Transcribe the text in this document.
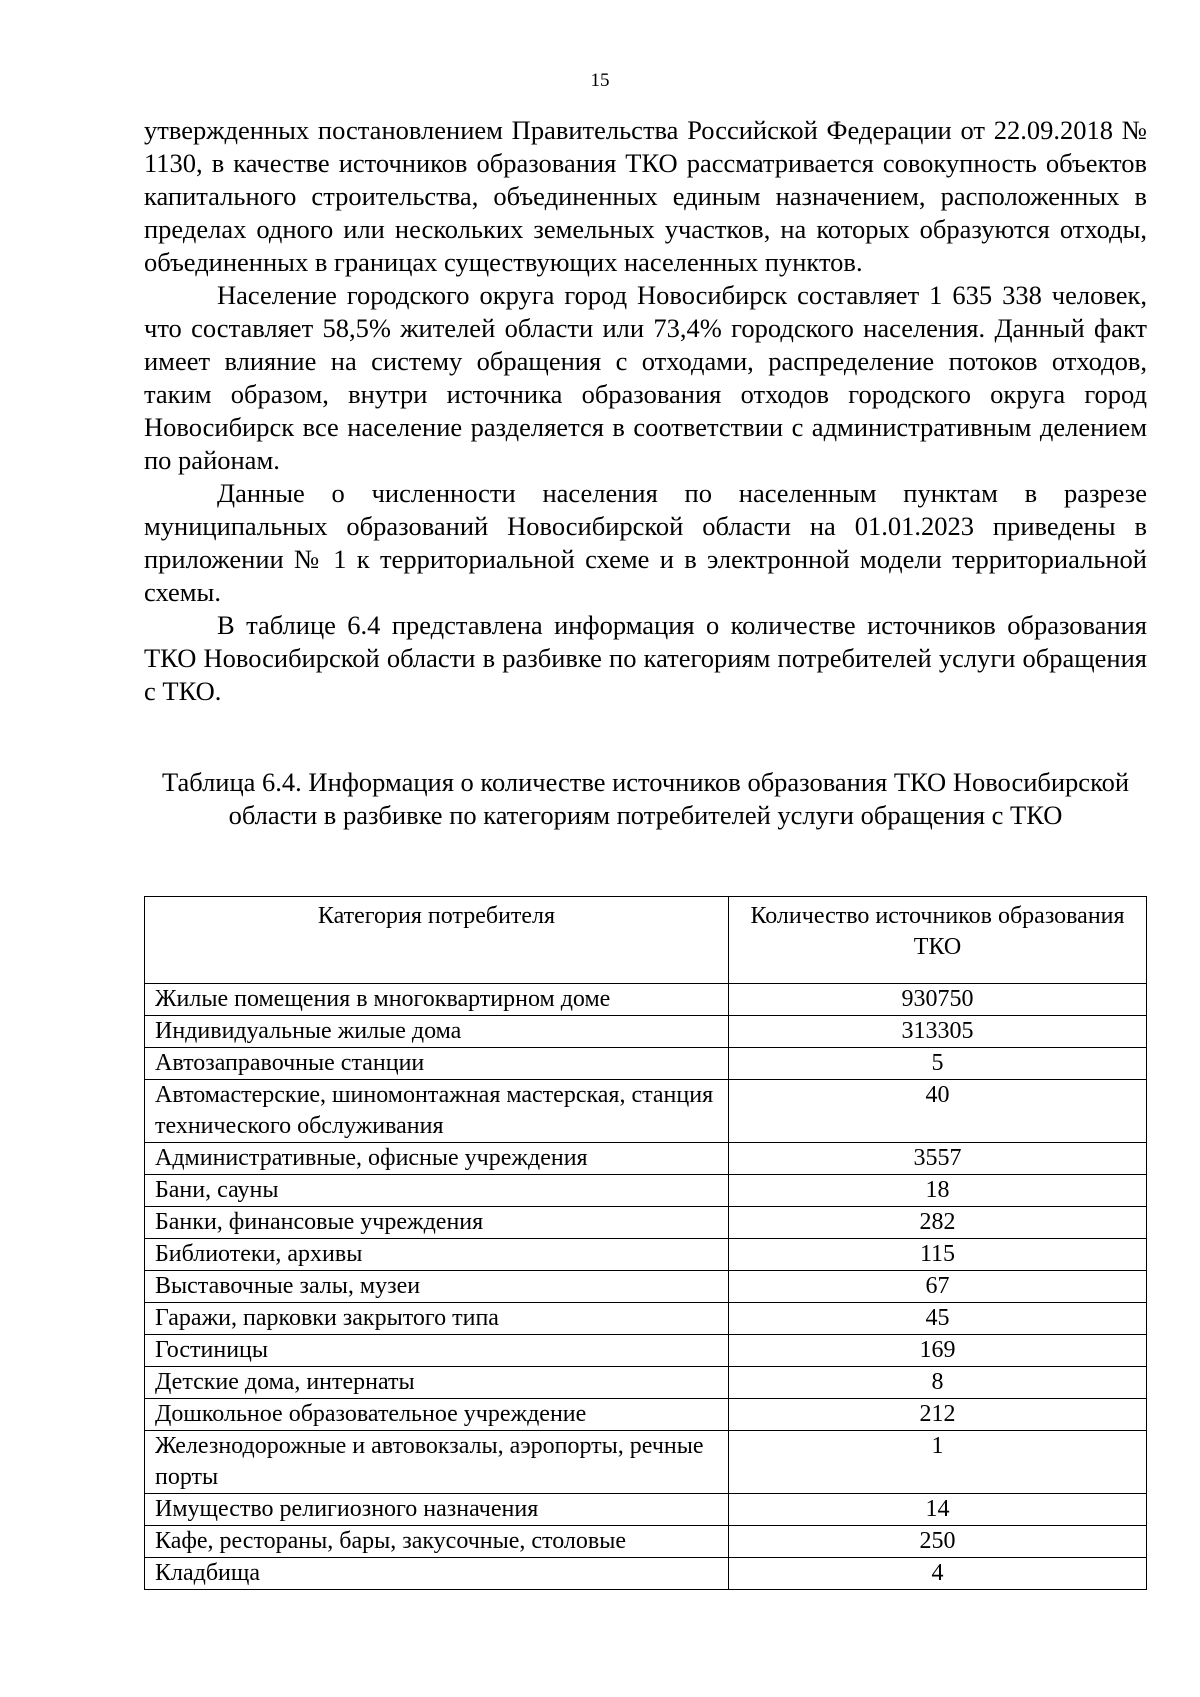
15

утвержденных постановлением Правительства Российской Федерации от 22.09.2018 № 1130, в качестве источников образования ТКО рассматривается совокупность объектов капитального строительства, объединенных единым назначением, расположенных в пределах одного или нескольких земельных участков, на которых образуются отходы, объединенных в границах существующих населенных пунктов.

Население городского округа город Новосибирск составляет 1 635 338 человек, что составляет 58,5% жителей области или 73,4% городского населения. Данный факт имеет влияние на систему обращения с отходами, распределение потоков отходов, таким образом, внутри источника образования отходов городского округа город Новосибирск все население разделяется в соответствии с административным делением по районам.

Данные о численности населения по населенным пунктам в разрезе муниципальных образований Новосибирской области на 01.01.2023 приведены в приложении № 1 к территориальной схеме и в электронной модели территориальной схемы.

В таблице 6.4 представлена информация о количестве источников образования ТКО Новосибирской области в разбивке по категориям потребителей услуги обращения с ТКО.

Таблица 6.4. Информация о количестве источников образования ТКО Новосибирской области в разбивке по категориям потребителей услуги обращения с ТКО
Категория потребителя	Количество источников образования ТКО
Жилые помещения в многоквартирном доме	930750
Индивидуальные жилые дома	313305
Автозаправочные станции	5
Автомастерские, шиномонтажная мастерская, станция технического обслуживания	40
Административные, офисные учреждения	3557
Бани, сауны	18
Банки, финансовые учреждения	282
Библиотеки, архивы	115
Выставочные залы, музеи	67
Гаражи, парковки закрытого типа	45
Гостиницы	169
Детские дома, интернаты	8
Дошкольное образовательное учреждение	212
Железнодорожные и автовокзалы, аэропорты, речные порты	1
Имущество религиозного назначения	14
Кафе, рестораны, бары, закусочные, столовые	250
Кладбища	4
